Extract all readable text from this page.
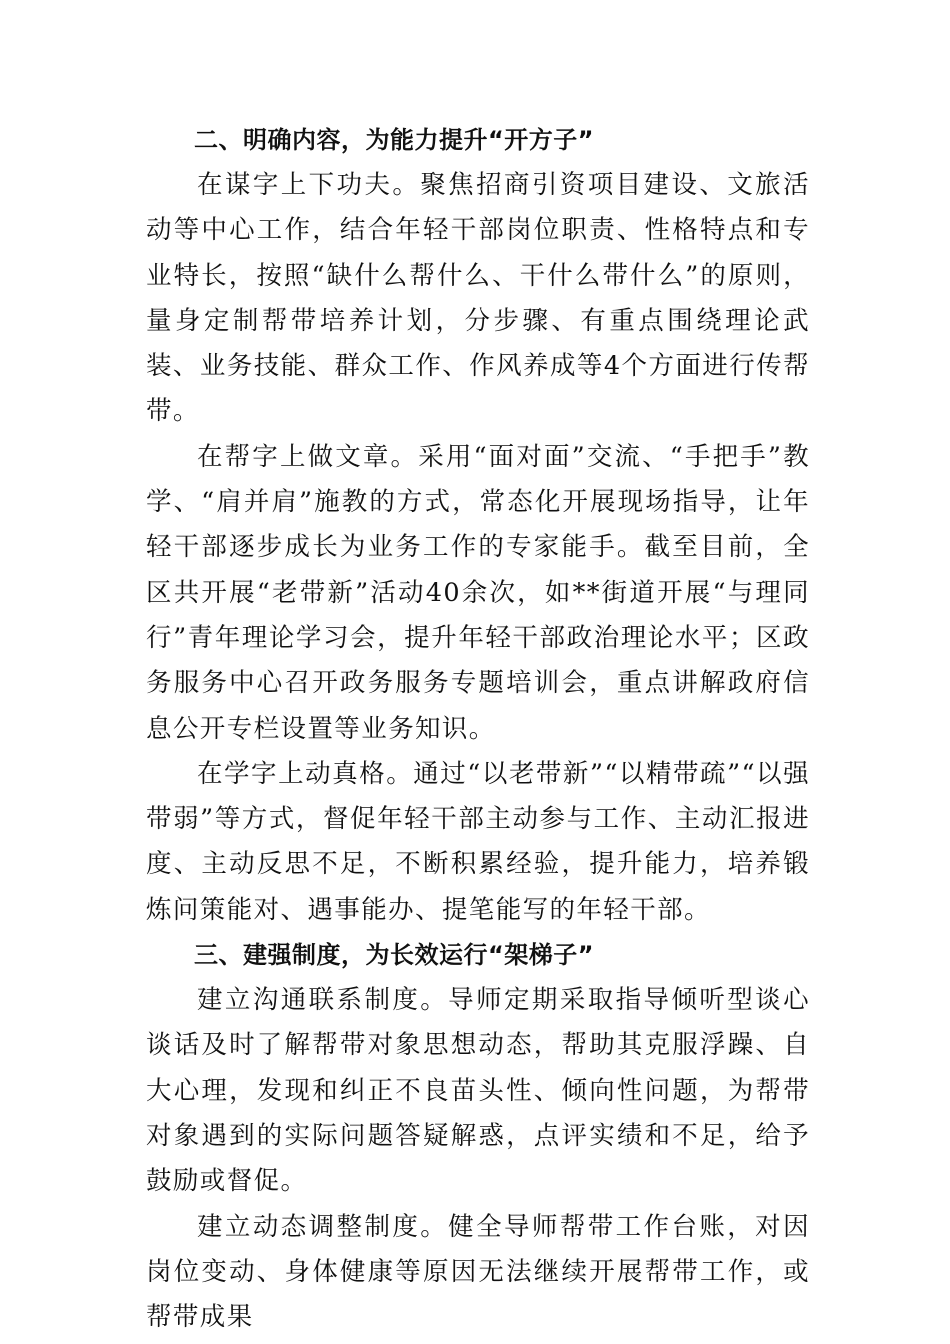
二、明确内容，为能力提升“开方子”

在谋字上下功夫。聚焦招商引资项目建设、文旅活动等中心工作，结合年轻干部岗位职责、性格特点和专业特长，按照“缺什么帮什么、干什么带什么”的原则，量身定制帮带培养计划，分步骤、有重点围绕理论武装、业务技能、群众工作、作风养成等4个方面进行传帮带。

在帮字上做文章。采用“面对面”交流、“手把手”教学、“肩并肩”施教的方式，常态化开展现场指导，让年轻干部逐步成长为业务工作的专家能手。截至目前，全区共开展“老带新”活动40余次，如**街道开展“与理同行”青年理论学习会，提升年轻干部政治理论水平；区政务服务中心召开政务服务专题培训会，重点讲解政府信息公开专栏设置等业务知识。

在学字上动真格。通过“以老带新”“以精带疏”“以强带弱”等方式，督促年轻干部主动参与工作、主动汇报进度、主动反思不足，不断积累经验，提升能力，培养锻炼问策能对、遇事能办、提笔能写的年轻干部。

三、建强制度，为长效运行“架梯子”

建立沟通联系制度。导师定期采取指导倾听型谈心谈话及时了解帮带对象思想动态，帮助其克服浮躁、自大心理，发现和纠正不良苗头性、倾向性问题，为帮带对象遇到的实际问题答疑解惑，点评实绩和不足，给予鼓励或督促。

建立动态调整制度。健全导师帮带工作台账，对因岗位变动、身体健康等原因无法继续开展帮带工作，或帮带成果
